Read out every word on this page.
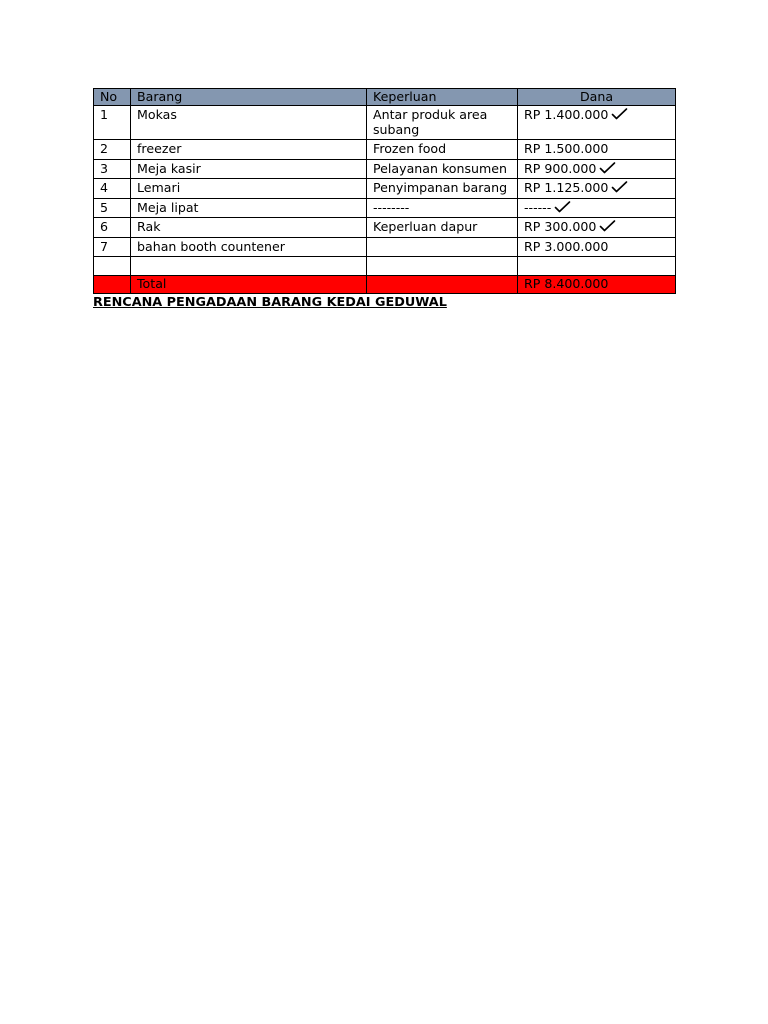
No	Barang	Keperluan	Dana
1	Mokas	Antar produk area subang	RP 1.400.000

2	freezer	Frozen food	RP 1.500.000
3	Meja kasir	Pelayanan konsumen	RP 900.000

4	Lemari	Penyimpanan barang	RP 1.125.000

5	Meja lipat	--------	------

6	Rak	Keperluan dapur	RP 300.000

7	bahan booth countener		RP 3.000.000

	Total		RP 8.400.000
RENCANA PENGADAAN BARANG KEDAI GEDUWAL
